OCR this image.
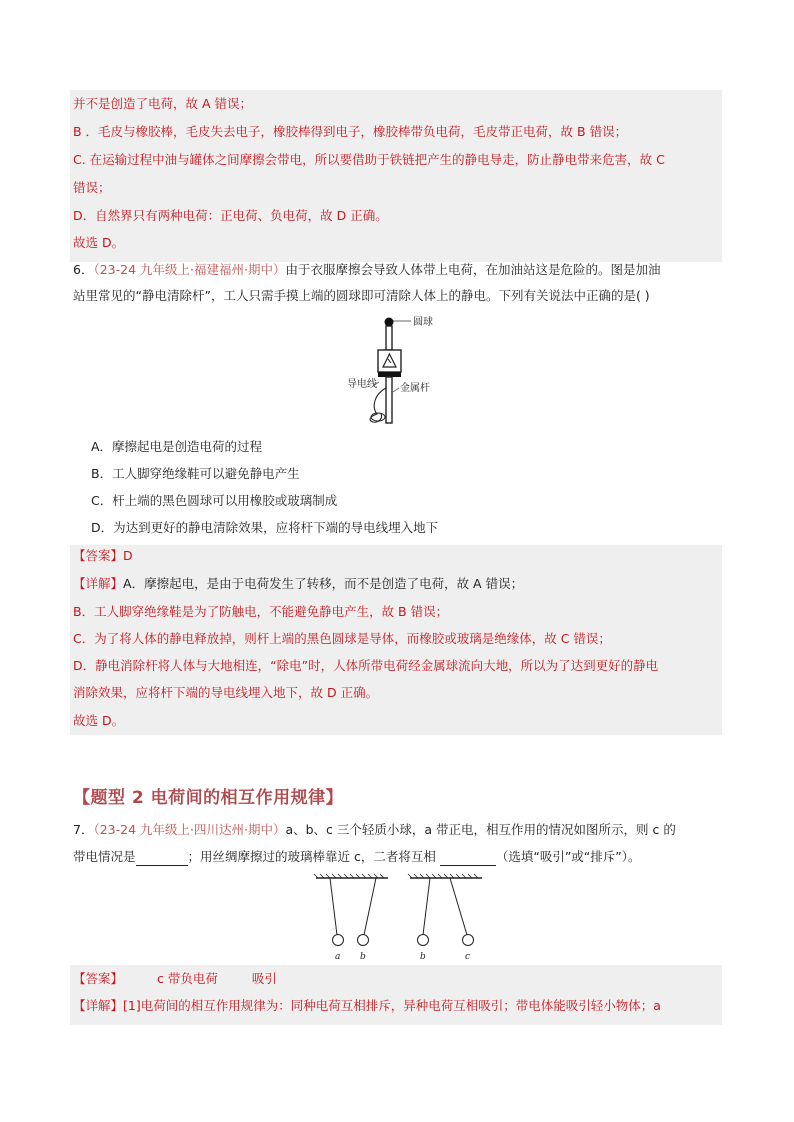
并不是创造了电荷，故 A 错误；
B ．毛皮与橡胶棒，毛皮失去电子，橡胶棒得到电子，橡胶棒带负电荷，毛皮带正电荷，故 B 错误；
C. 在运输过程中油与罐体之间摩擦会带电，所以要借助于铁链把产生的静电导走，防止静电带来危害，故 C
错误；
D．自然界只有两种电荷：正电荷、负电荷，故 D 正确。
故选 D。
6．（23-24 九年级上·福建福州·期中）由于衣服摩擦会导致人体带上电荷，在加油站这是危险的。图是加油
站里常见的“静电清除杆”，工人只需手摸上端的圆球即可清除人体上的静电。下列有关说法中正确的是( )
圆球
导电线 金属杆
A．摩擦起电是创造电荷的过程
B．工人脚穿绝缘鞋可以避免静电产生
C．杆上端的黑色圆球可以用橡胶或玻璃制成
D．为达到更好的静电清除效果，应将杆下端的导电线埋入地下
【答案】D
【详解】A．摩擦起电，是由于电荷发生了转移，而不是创造了电荷，故 A 错误；
B．工人脚穿绝缘鞋是为了防触电，不能避免静电产生，故 B 错误；
C．为了将人体的静电释放掉，则杆上端的黑色圆球是导体，而橡胶或玻璃是绝缘体，故 C 错误；
D．静电消除杆将人体与大地相连，“除电”时，人体所带电荷经金属球流向大地，所以为了达到更好的静电
消除效果，应将杆下端的导电线埋入地下，故 D 正确。
故选 D。
【题型 2 电荷间的相互作用规律】
7．（23-24 九年级上·四川达州·期中）a、b、c 三个轻质小球，a 带正电，相互作用的情况如图所示，则 c 的
带电情况是	；用丝绸摩擦过的玻璃棒靠近 c，二者将互相	（选填“吸引”或“排斥”）。
a b	b	c
【答案】	c 带负电荷	吸引
【详解】[1]电荷间的相互作用规律为：同种电荷互相排斥，异种电荷互相吸引；带电体能吸引轻小物体；a
